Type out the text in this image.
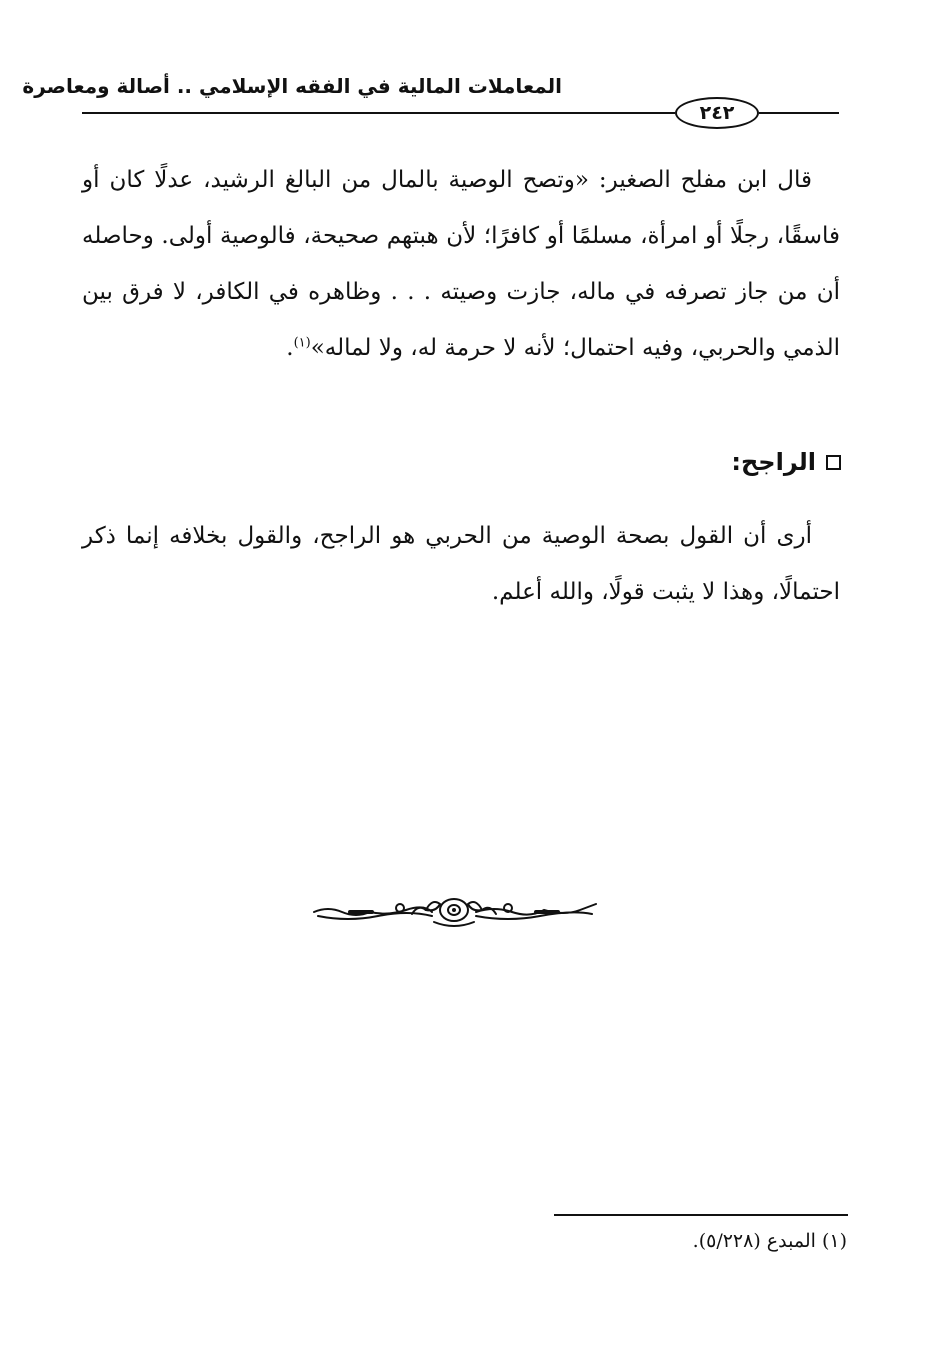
المعاملات المالية في الفقه الإسلامي .. أصالة ومعاصرة
٢٤٢
قال ابن مفلح الصغير: «وتصح الوصية بالمال من البالغ الرشيد، عدلًا كان أو فاسقًا، رجلًا أو امرأة، مسلمًا أو كافرًا؛ لأن هبتهم صحيحة، فالوصية أولى. وحاصله أن من جاز تصرفه في ماله، جازت وصيته . . . وظاهره في الكافر، لا فرق بين الذمي والحربي، وفيه احتمال؛ لأنه لا حرمة له، ولا لماله»$^{(١)}$.
الراجح:
أرى أن القول بصحة الوصية من الحربي هو الراجح، والقول بخلافه إنما ذكر احتمالًا، وهذا لا يثبت قولًا، والله أعلم.
(١) المبدع (٥/٢٢٨).
